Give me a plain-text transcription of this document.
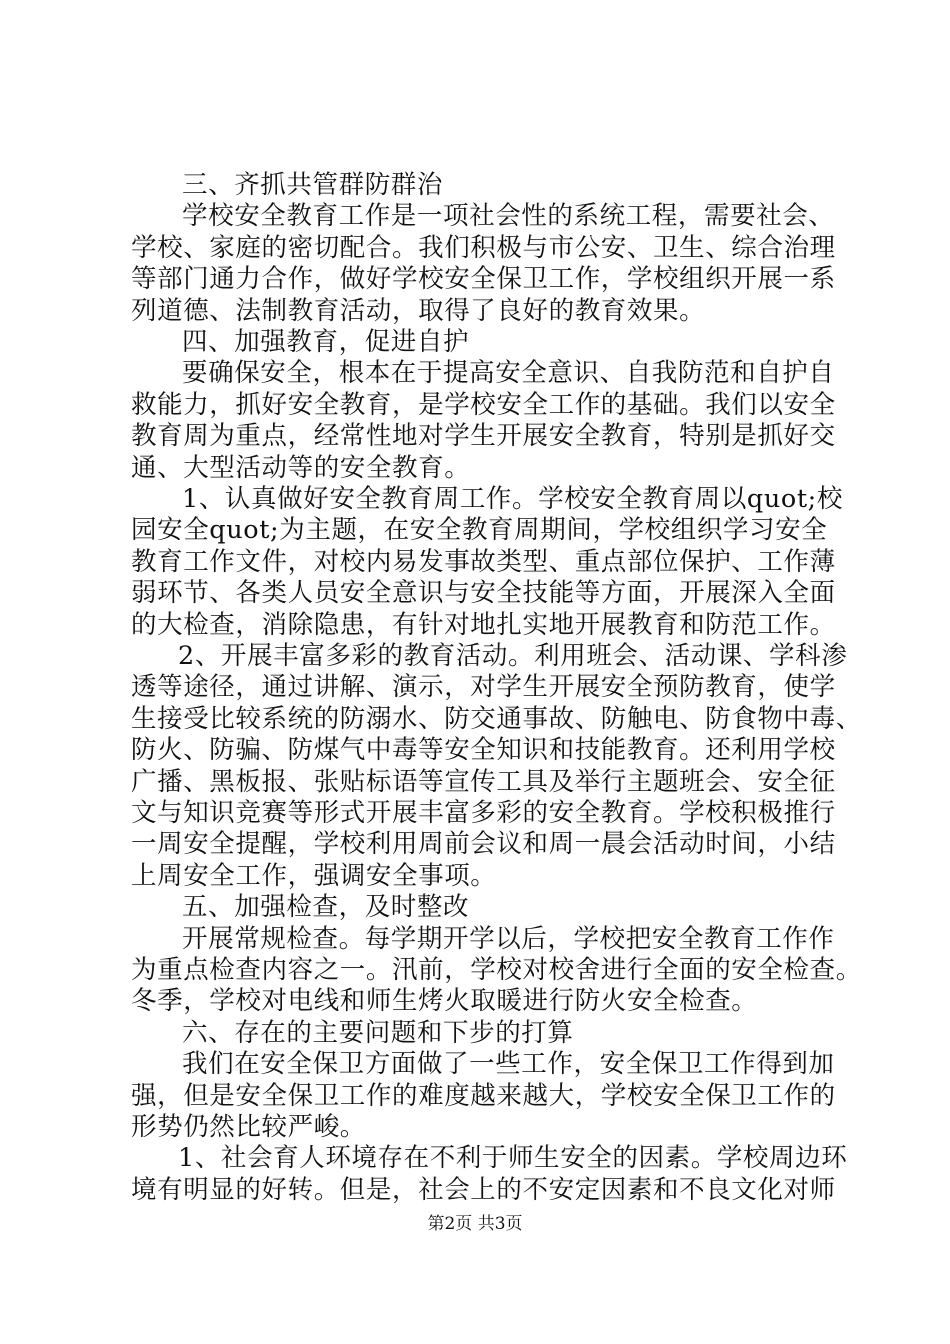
三、齐抓共管群防群治
学校安全教育工作是一项社会性的系统工程，需要社会、
学校、家庭的密切配合。我们积极与市公安、卫生、综合治理
等部门通力合作，做好学校安全保卫工作，学校组织开展一系
列道德、法制教育活动，取得了良好的教育效果。
四、加强教育，促进自护
要确保安全，根本在于提高安全意识、自我防范和自护自
救能力，抓好安全教育，是学校安全工作的基础。我们以安全
教育周为重点，经常性地对学生开展安全教育，特别是抓好交
通、大型活动等的安全教育。
1、认真做好安全教育周工作。学校安全教育周以quot;校
园安全quot;为主题，在安全教育周期间，学校组织学习安全
教育工作文件，对校内易发事故类型、重点部位保护、工作薄
弱环节、各类人员安全意识与安全技能等方面，开展深入全面
的大检查，消除隐患，有针对地扎实地开展教育和防范工作。
2、开展丰富多彩的教育活动。利用班会、活动课、学科渗
透等途径，通过讲解、演示，对学生开展安全预防教育，使学
生接受比较系统的防溺水、防交通事故、防触电、防食物中毒、
防火、防骗、防煤气中毒等安全知识和技能教育。还利用学校
广播、黑板报、张贴标语等宣传工具及举行主题班会、安全征
文与知识竞赛等形式开展丰富多彩的安全教育。学校积极推行
一周安全提醒，学校利用周前会议和周一晨会活动时间，小结
上周安全工作，强调安全事项。
五、加强检查，及时整改
开展常规检查。每学期开学以后，学校把安全教育工作作
为重点检查内容之一。汛前，学校对校舍进行全面的安全检查。
冬季，学校对电线和师生烤火取暖进行防火安全检查。
六、存在的主要问题和下步的打算
我们在安全保卫方面做了一些工作，安全保卫工作得到加
强，但是安全保卫工作的难度越来越大，学校安全保卫工作的
形势仍然比较严峻。
1、社会育人环境存在不利于师生安全的因素。学校周边环
境有明显的好转。但是，社会上的不安定因素和不良文化对师
第2页 共3页
